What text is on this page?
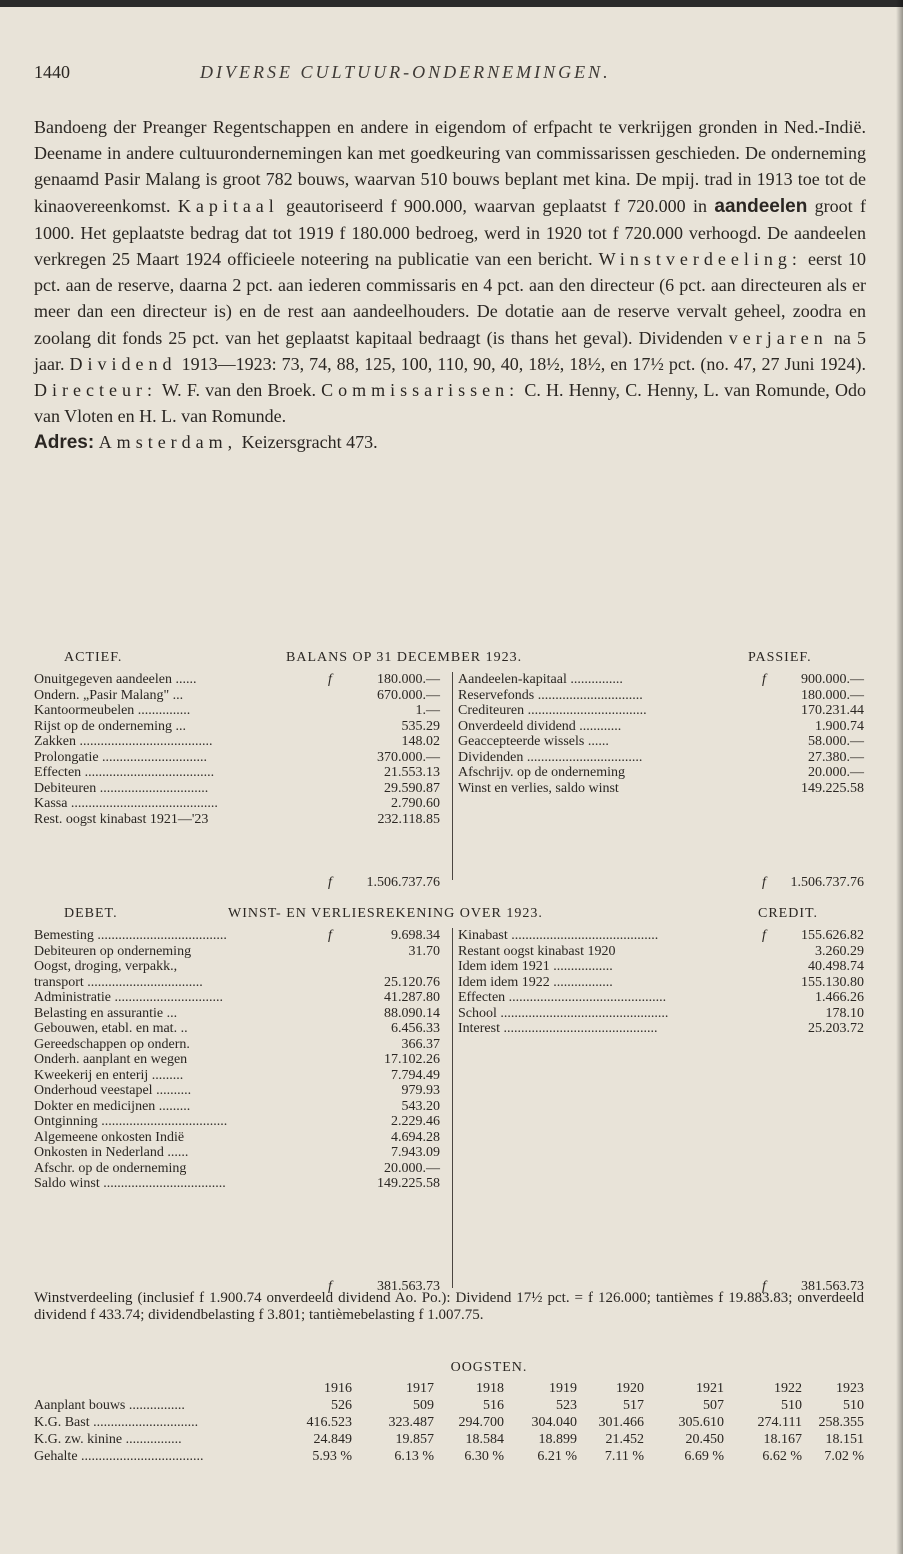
1440	DIVERSE CULTUUR-ONDERNEMINGEN.
Bandoeng der Preanger Regentschappen en andere in eigendom of erfpacht te verkrijgen gronden in Ned.-Indië. Deename in andere cultuurondernemingen kan met goedkeuring van commissarissen geschieden. De onderneming genaamd Pasir Malang is groot 782 bouws, waarvan 510 bouws beplant met kina. De mpij. trad in 1913 toe tot de kinaovereenkomst. Kapitaal geautoriseerd f 900.000, waarvan geplaatst f 720.000 in aandeelen groot f 1000. Het geplaatste bedrag dat tot 1919 f 180.000 bedroeg, werd in 1920 tot f 720.000 verhoogd. De aandeelen verkregen 25 Maart 1924 officieele noteering na publicatie van een bericht. Winstverdeeling: eerst 10 pct. aan de reserve, daarna 2 pct. aan iederen commissaris en 4 pct. aan den directeur (6 pct. aan directeuren als er meer dan een directeur is) en de rest aan aandeelhouders. De dotatie aan de reserve vervalt geheel, zoodra en zoolang dit fonds 25 pct. van het geplaatst kapitaal bedraagt (is thans het geval). Dividenden verjaren na 5 jaar. Dividend 1913—1923: 73, 74, 88, 125, 100, 110, 90, 40, 18½, 18½, en 17½ pct. (no. 47, 27 Juni 1924). Directeur: W. F. van den Broek. Commissarissen: C. H. Henny, C. Henny, L. van Romunde, Odo van Vloten en H. L. van Romunde.
Adres: Amsterdam, Keizersgracht 473.
ACTIEF.	BALANS OP 31 DECEMBER 1923.	PASSIEF.
Onuitgegeven aandeelen ......	f	180.000.—
Ondern. „Pasir Malang" ...	670.000.—
Kantoormeubelen ...............	1.—
Rijst op de onderneming ...	535.29
Zakken ......................................	148.02
Prolongatie ..............................	370.000.—
Effecten .....................................	21.553.13
Debiteuren ...............................	29.590.87
Kassa ..........................................	2.790.60
Rest. oogst kinabast 1921—'23	232.118.85
Aandeelen-kapitaal ...............	f	900.000.—
Reservefonds ..............................	180.000.—
Crediteuren ..................................	170.231.44
Onverdeeld dividend ............	1.900.74
Geaccepteerde wissels ......	58.000.—
Dividenden .................................	27.380.—
Afschrijv. op de onderneming	20.000.—
Winst en verlies, saldo winst	149.225.58
f	1.506.737.76	f	1.506.737.76
DEBET.	WINST- EN VERLIESREKENING OVER 1923.	CREDIT.
Bemesting .....................................	f	9.698.34
Debiteuren op onderneming	31.70
Oogst, droging, verpakk.,
transport .................................	25.120.76
Administratie ...............................	41.287.80
Belasting en assurantie ...	88.090.14
Gebouwen, etabl. en mat. ..	6.456.33
Gereedschappen op ondern.	366.37
Onderh. aanplant en wegen	17.102.26
Kweekerij en enterij .........	7.794.49
Onderhoud veestapel ..........	979.93
Dokter en medicijnen .........	543.20
Ontginning ....................................	2.229.46
Algemeene onkosten Indië	4.694.28
Onkosten in Nederland ......	7.943.09
Afschr. op de onderneming	20.000.—
Saldo winst ...................................	149.225.58
Kinabast ..........................................	f	155.626.82
Restant oogst kinabast 1920	3.260.29
Idem idem 1921 .................	40.498.74
Idem idem 1922 .................	155.130.80
Effecten .............................................	1.466.26
School ................................................	178.10
Interest ............................................	25.203.72
f	381.563.73	f	381.563.73
Winstverdeeling (inclusief f 1.900.74 onverdeeld dividend Ao. Po.): Dividend 17½ pct. = f 126.000; tantièmes f 19.883.83; onverdeeld dividend f 433.74; dividendbelasting f 3.801; tantièmebelasting f 1.007.75.
OOGSTEN.
1916	1917	1918	1919	1920	1921	1922	1923
Aanplant bouws ................	526	509	516	523	517	507	510	510
K.G. Bast ..............................	416.523	323.487	294.700	304.040	301.466	305.610	274.111	258.355
K.G. zw. kinine ................	24.849	19.857	18.584	18.899	21.452	20.450	18.167	18.151
Gehalte ...................................	5.93 %	6.13 %	6.30 %	6.21 %	7.11 %	6.69 %	6.62 %	7.02 %
